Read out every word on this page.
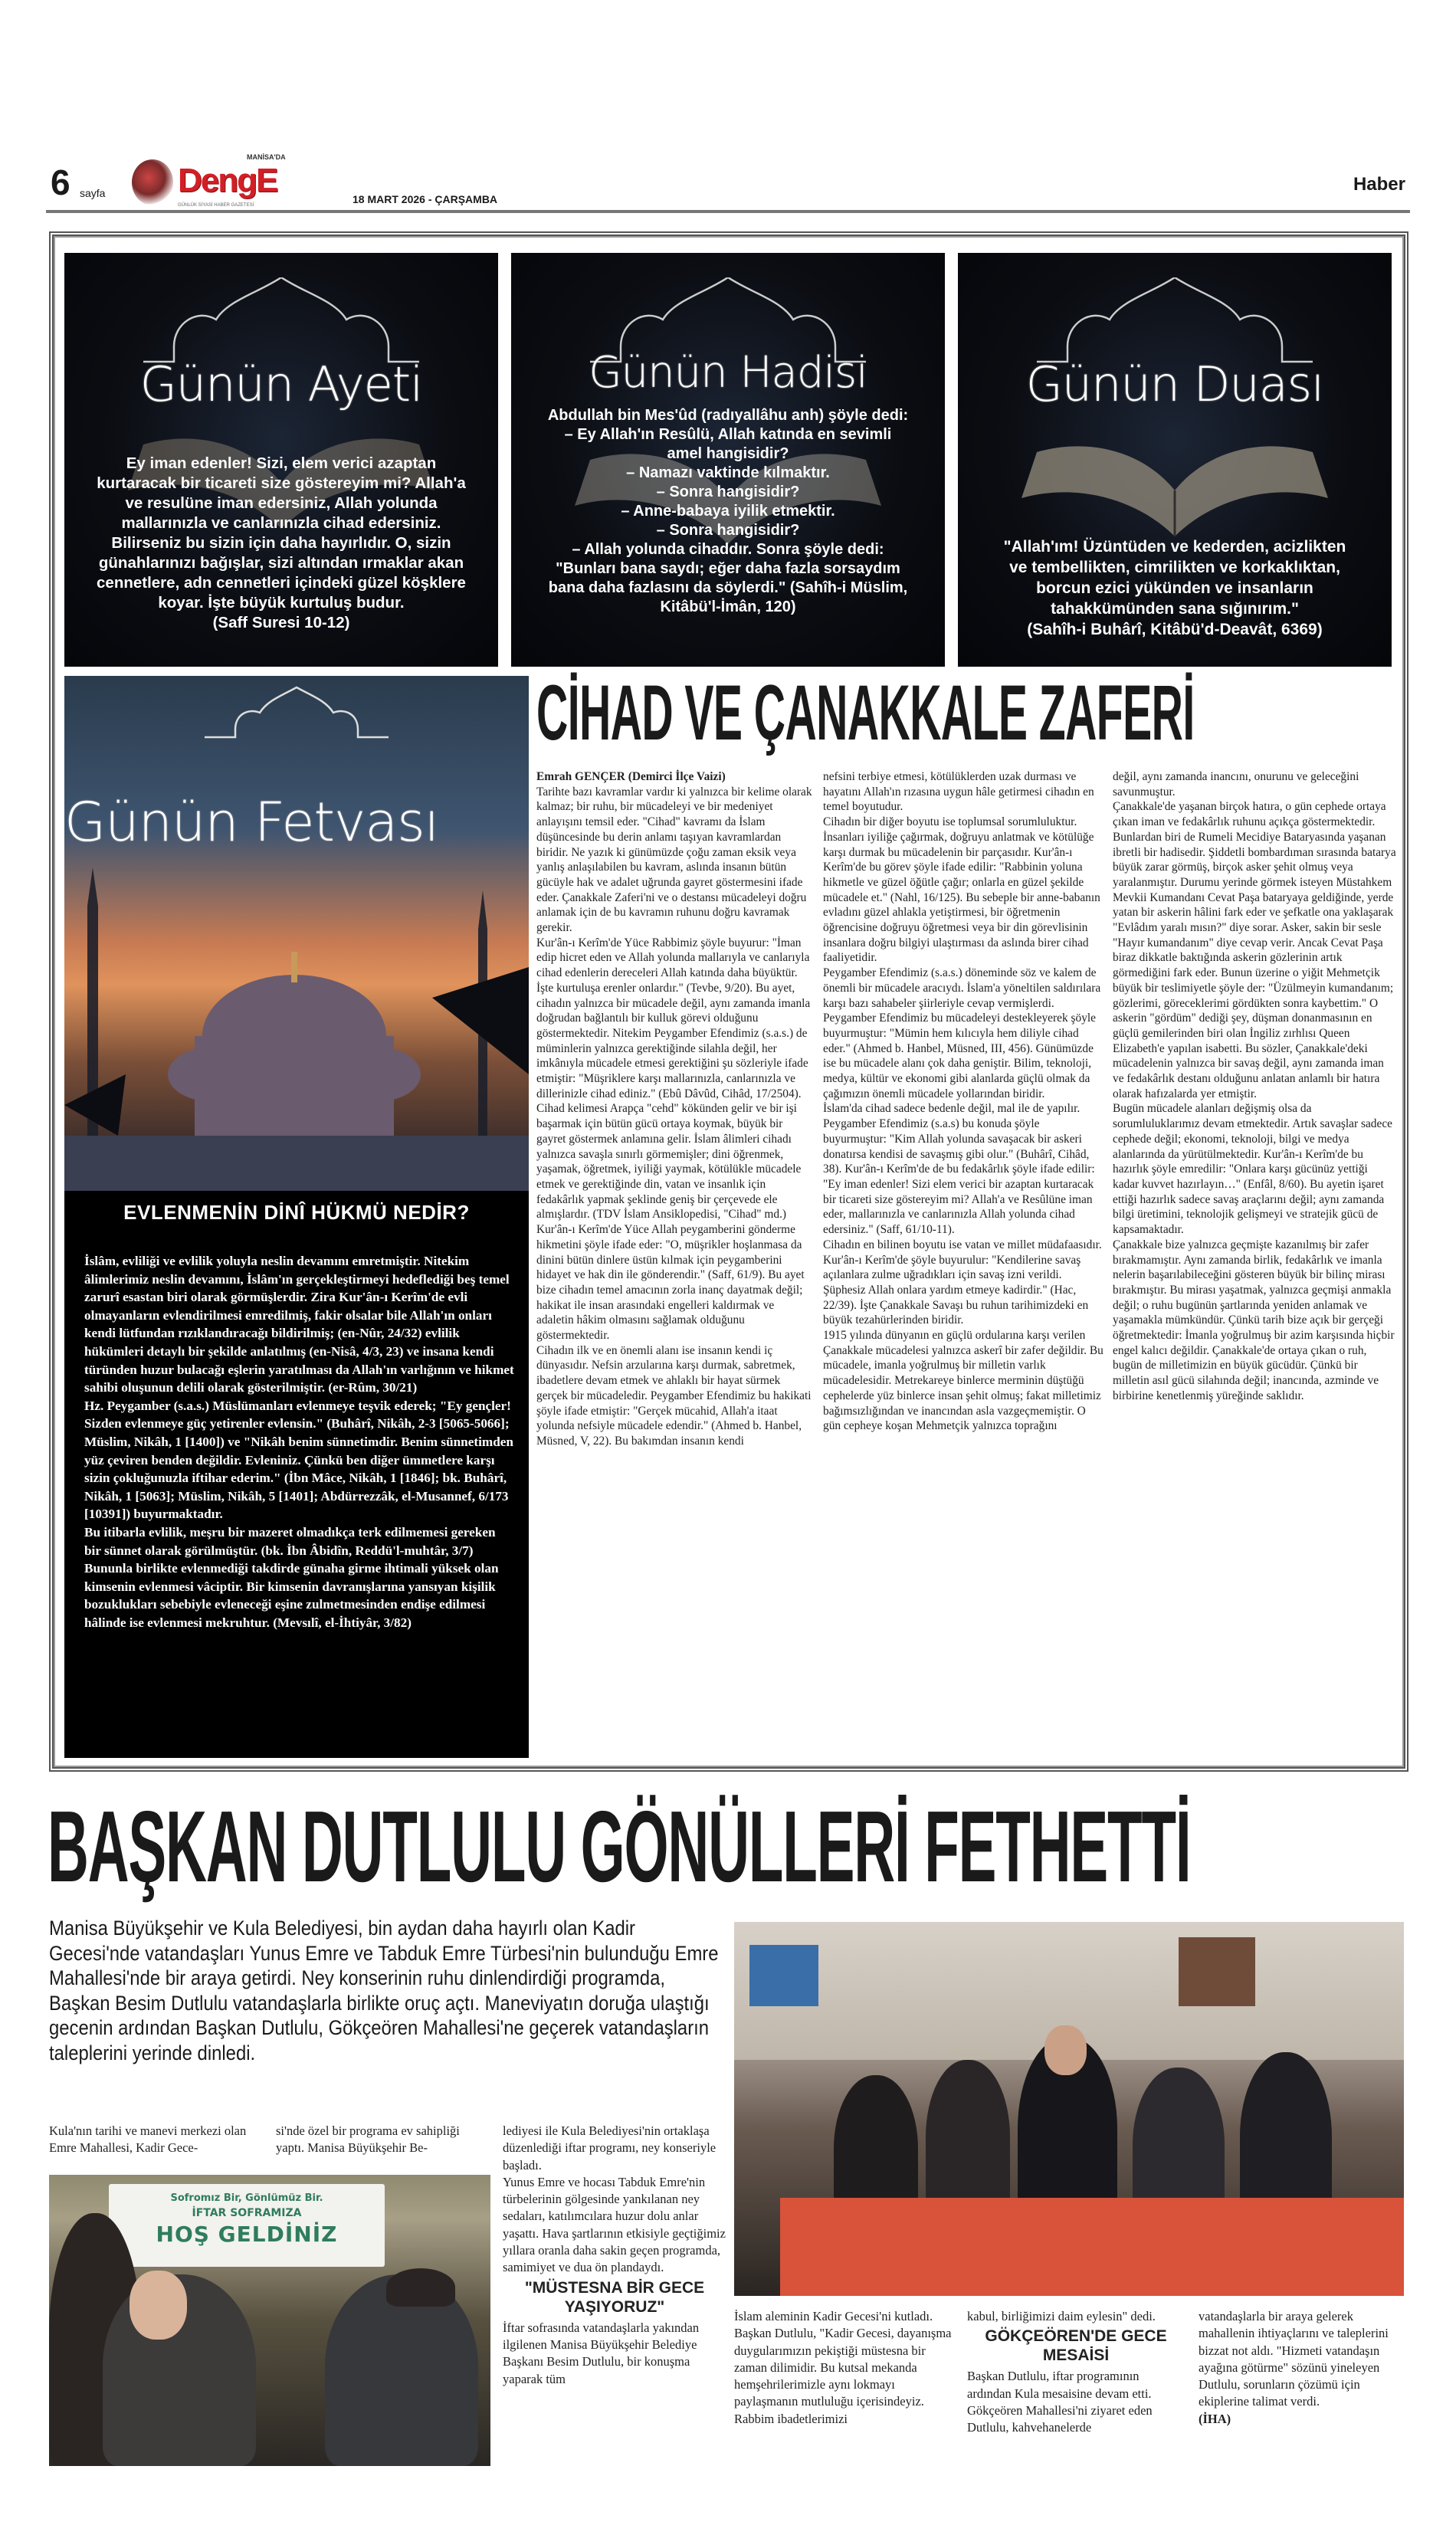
6 sayfa
MANİSA'DA
DengE
GÜNLÜK SİYASİ HABER GAZETESİ	18 MART 2026 - ÇARŞAMBA
Haber
Günün Ayeti
Ey iman edenler! Sizi, elem verici azaptan
kurtaracak bir ticareti size göstereyim mi? Allah'a
ve resulüne iman edersiniz, Allah yolunda
mallarınızla ve canlarınızla cihad edersiniz.
Bilirseniz bu sizin için daha hayırlıdır. O, sizin
günahlarınızı bağışlar, sizi altından ırmaklar akan
cennetlere, adn cennetleri içindeki güzel köşklere
koyar. İşte büyük kurtuluş budur.
(Saff Suresi 10-12)
Günün Hadisi
Abdullah bin Mes'ûd (radıyallâhu anh) şöyle dedi:
– Ey Allah'ın Resûlü, Allah katında en sevimli
amel hangisidir?
– Namazı vaktinde kılmaktır.
– Sonra hangisidir?
– Anne-babaya iyilik etmektir.
– Sonra hangisidir?
– Allah yolunda cihaddır. Sonra şöyle dedi:
"Bunları bana saydı; eğer daha fazla sorsaydım
bana daha fazlasını da söylerdi." (Sahîh-i Müslim,
Kitâbü'l-İmân, 120)
Günün Duası
"Allah'ım! Üzüntüden ve kederden, acizlikten
ve tembellikten, cimrilikten ve korkaklıktan,
borcun ezici yükünden ve insanların
tahakkümünden sana sığınırım."
(Sahîh-i Buhârî, Kitâbü'd-Deavât, 6369)
Günün Fetvası
EVLENMENİN DİNÎ HÜKMÜ NEDİR?

İslâm, evliliği ve evlilik yoluyla neslin devamını emretmiştir. Nitekim âlimlerimiz neslin devamını, İslâm'ın gerçekleştirmeyi hedeflediği beş temel zarurî esastan biri olarak görmüşlerdir. Zira Kur'ân-ı Kerîm'de evli olmayanların evlendirilmesi emredilmiş, fakir olsalar bile Allah'ın onları kendi lütfundan rızıklandıracağı bildirilmiş; (en-Nûr, 24/32) evlilik hükümleri detaylı bir şekilde anlatılmış (en-Nisâ, 4/3, 23) ve insana kendi türünden huzur bulacağı eşlerin yaratılması da Allah'ın varlığının ve hikmet sahibi oluşunun delili olarak gösterilmiştir. (er-Rûm, 30/21)

Hz. Peygamber (s.a.s.) Müslümanları evlenmeye teşvik ederek; "Ey gençler! Sizden evlenmeye güç yetirenler evlensin." (Buhârî, Nikâh, 2-3 [5065-5066]; Müslim, Nikâh, 1 [1400]) ve "Nikâh benim sünnetimdir. Benim sünnetimden yüz çeviren benden değildir. Evleniniz. Çünkü ben diğer ümmetlere karşı sizin çokluğunuzla iftihar ederim." (İbn Mâce, Nikâh, 1 [1846]; bk. Buhârî, Nikâh, 1 [5063]; Müslim, Nikâh, 5 [1401]; Abdürrezzâk, el-Musannef, 6/173 [10391]) buyurmaktadır.

Bu itibarla evlilik, meşru bir mazeret olmadıkça terk edilmemesi gereken bir sünnet olarak görülmüştür. (bk. İbn Âbidîn, Reddü'l-muhtâr, 3/7) Bununla birlikte evlenmediği takdirde günaha girme ihtimali yüksek olan kimsenin evlenmesi vâciptir. Bir kimsenin davranışlarına yansıyan kişilik bozuklukları sebebiyle evleneceği eşine zulmetmesinden endişe edilmesi hâlinde ise evlenmesi mekruhtur. (Mevsılî, el-İhtiyâr, 3/82)

CİHAD VE ÇANAKKALE ZAFERİ

Emrah GENÇER (Demirci İlçe Vaizi)

Tarihte bazı kavramlar vardır ki yalnızca bir kelime olarak kalmaz; bir ruhu, bir mücadeleyi ve bir medeniyet anlayışını temsil eder. "Cihad" kavramı da İslam düşüncesinde bu derin anlamı taşıyan kavramlardan biridir. Ne yazık ki günümüzde çoğu zaman eksik veya yanlış anlaşılabilen bu kavram, aslında insanın bütün gücüyle hak ve adalet uğrunda gayret göstermesini ifade eder. Çanakkale Zaferi'ni ve o destansı mücadeleyi doğru anlamak için de bu kavramın ruhunu doğru kavramak gerekir.

Kur'ân-ı Kerîm'de Yüce Rabbimiz şöyle buyurur: "İman edip hicret eden ve Allah yolunda mallarıyla ve canlarıyla cihad edenlerin dereceleri Allah katında daha büyüktür. İşte kurtuluşa erenler onlardır." (Tevbe, 9/20). Bu ayet, cihadın yalnızca bir mücadele değil, aynı zamanda imanla doğrudan bağlantılı bir kulluk görevi olduğunu göstermektedir. Nitekim Peygamber Efendimiz (s.a.s.) de müminlerin yalnızca gerektiğinde silahla değil, her imkânıyla mücadele etmesi gerektiğini şu sözleriyle ifade etmiştir: "Müşriklere karşı mallarınızla, canlarınızla ve dillerinizle cihad ediniz." (Ebû Dâvûd, Cihâd, 17/2504).

Cihad kelimesi Arapça "cehd" kökünden gelir ve bir işi başarmak için bütün gücü ortaya koymak, büyük bir gayret göstermek anlamına gelir. İslam âlimleri cihadı yalnızca savaşla sınırlı görmemişler; dini öğrenmek, yaşamak, öğretmek, iyiliği yaymak, kötülükle mücadele etmek ve gerektiğinde din, vatan ve insanlık için fedakârlık yapmak şeklinde geniş bir çerçevede ele almışlardır. (TDV İslam Ansiklopedisi, "Cihad" md.) Kur'ân-ı Kerîm'de Yüce Allah peygamberini gönderme hikmetini şöyle ifade eder: "O, müşrikler hoşlanmasa da dinini bütün dinlere üstün kılmak için peygamberini hidayet ve hak din ile gönderendir." (Saff, 61/9). Bu ayet bize cihadın temel amacının zorla inanç dayatmak değil; hakikat ile insan arasındaki engelleri kaldırmak ve adaletin hâkim olmasını sağlamak olduğunu göstermektedir.

Cihadın ilk ve en önemli alanı ise insanın kendi iç dünyasıdır. Nefsin arzularına karşı durmak, sabretmek, ibadetlere devam etmek ve ahlaklı bir hayat sürmek gerçek bir mücadeledir. Peygamber Efendimiz bu hakikati şöyle ifade etmiştir: "Gerçek mücahid, Allah'a itaat yolunda nefsiyle mücadele edendir." (Ahmed b. Hanbel, Müsned, V, 22). Bu bakımdan insanın kendi

nefsini terbiye etmesi, kötülüklerden uzak durması ve hayatını Allah'ın rızasına uygun hâle getirmesi cihadın en temel boyutudur.

Cihadın bir diğer boyutu ise toplumsal sorumluluktur. İnsanları iyiliğe çağırmak, doğruyu anlatmak ve kötülüğe karşı durmak bu mücadelenin bir parçasıdır. Kur'ân-ı Kerîm'de bu görev şöyle ifade edilir: "Rabbinin yoluna hikmetle ve güzel öğütle çağır; onlarla en güzel şekilde mücadele et." (Nahl, 16/125). Bu sebeple bir anne-babanın evladını güzel ahlakla yetiştirmesi, bir öğretmenin öğrencisine doğruyu öğretmesi veya bir din görevlisinin insanlara doğru bilgiyi ulaştırması da aslında birer cihad faaliyetidir.

Peygamber Efendimiz (s.a.s.) döneminde söz ve kalem de önemli bir mücadele aracıydı. İslam'a yöneltilen saldırılara karşı bazı sahabeler şiirleriyle cevap vermişlerdi. Peygamber Efendimiz bu mücadeleyi destekleyerek şöyle buyurmuştur: "Mümin hem kılıcıyla hem diliyle cihad eder." (Ahmed b. Hanbel, Müsned, III, 456). Günümüzde ise bu mücadele alanı çok daha geniştir. Bilim, teknoloji, medya, kültür ve ekonomi gibi alanlarda güçlü olmak da çağımızın önemli mücadele yollarından biridir.

İslam'da cihad sadece bedenle değil, mal ile de yapılır. Peygamber Efendimiz (s.a.s) bu konuda şöyle buyurmuştur: "Kim Allah yolunda savaşacak bir askeri donatırsa kendisi de savaşmış gibi olur." (Buhârî, Cihâd, 38). Kur'ân-ı Kerîm'de de bu fedakârlık şöyle ifade edilir: "Ey iman edenler! Sizi elem verici bir azaptan kurtaracak bir ticareti size göstereyim mi? Allah'a ve Resûlüne iman eder, mallarınızla ve canlarınızla Allah yolunda cihad edersiniz." (Saff, 61/10-11).

Cihadın en bilinen boyutu ise vatan ve millet müdafaasıdır. Kur'ân-ı Kerîm'de şöyle buyurulur: "Kendilerine savaş açılanlara zulme uğradıkları için savaş izni verildi. Şüphesiz Allah onlara yardım etmeye kadirdir." (Hac, 22/39). İşte Çanakkale Savaşı bu ruhun tarihimizdeki en büyük tezahürlerinden biridir.

1915 yılında dünyanın en güçlü ordularına karşı verilen Çanakkale mücadelesi yalnızca askerî bir zafer değildir. Bu mücadele, imanla yoğrulmuş bir milletin varlık mücadelesidir. Metrekareye binlerce merminin düştüğü cephelerde yüz binlerce insan şehit olmuş; fakat milletimiz bağımsızlığından ve inancından asla vazgeçmemiştir. O gün cepheye koşan Mehmetçik yalnızca toprağını

değil, aynı zamanda inancını, onurunu ve geleceğini savunmuştur.

Çanakkale'de yaşanan birçok hatıra, o gün cephede ortaya çıkan iman ve fedakârlık ruhunu açıkça göstermektedir. Bunlardan biri de Rumeli Mecidiye Bataryasında yaşanan ibretli bir hadisedir. Şiddetli bombardıman sırasında batarya büyük zarar görmüş, birçok asker şehit olmuş veya yaralanmıştır. Durumu yerinde görmek isteyen Müstahkem Mevkii Kumandanı Cevat Paşa bataryaya geldiğinde, yerde yatan bir askerin hâlini fark eder ve şefkatle ona yaklaşarak "Evlâdım yaralı mısın?" diye sorar. Asker, sakin bir sesle "Hayır kumandanım" diye cevap verir. Ancak Cevat Paşa biraz dikkatle baktığında askerin gözlerinin artık görmediğini fark eder. Bunun üzerine o yiğit Mehmetçik büyük bir teslimiyetle şöyle der: "Üzülmeyin kumandanım; gözlerimi, göreceklerimi gördükten sonra kaybettim." O askerin "gördüm" dediği şey, düşman donanmasının en güçlü gemilerinden biri olan İngiliz zırhlısı Queen Elizabeth'e yapılan isabetti. Bu sözler, Çanakkale'deki mücadelenin yalnızca bir savaş değil, aynı zamanda iman ve fedakârlık destanı olduğunu anlatan anlamlı bir hatıra olarak hafızalarda yer etmiştir.

Bugün mücadele alanları değişmiş olsa da sorumluluklarımız devam etmektedir. Artık savaşlar sadece cephede değil; ekonomi, teknoloji, bilgi ve medya alanlarında da yürütülmektedir. Kur'ân-ı Kerîm'de bu hazırlık şöyle emredilir: "Onlara karşı gücünüz yettiği kadar kuvvet hazırlayın…" (Enfâl, 8/60). Bu ayetin işaret ettiği hazırlık sadece savaş araçlarını değil; aynı zamanda bilgi üretimini, teknolojik gelişmeyi ve stratejik gücü de kapsamaktadır.

Çanakkale bize yalnızca geçmişte kazanılmış bir zafer bırakmamıştır. Aynı zamanda birlik, fedakârlık ve imanla nelerin başarılabileceğini gösteren büyük bir bilinç mirası bırakmıştır. Bu mirası yaşatmak, yalnızca geçmişi anmakla değil; o ruhu bugünün şartlarında yeniden anlamak ve yaşamakla mümkündür. Çünkü tarih bize açık bir gerçeği öğretmektedir: İmanla yoğrulmuş bir azim karşısında hiçbir engel kalıcı değildir. Çanakkale'de ortaya çıkan o ruh, bugün de milletimizin en büyük gücüdür. Çünkü bir milletin asıl gücü silahında değil; inancında, azminde ve birbirine kenetlenmiş yüreğinde saklıdır.

BAŞKAN DUTLULU GÖNÜLLERİ FETHETTİ
Manisa Büyükşehir ve Kula Belediyesi, bin aydan daha hayırlı olan Kadir Gecesi'nde vatandaşları Yunus Emre ve Tabduk Emre Türbesi'nin bulunduğu Emre Mahallesi'nde bir araya getirdi. Ney konserinin ruhu dinlendirdiği programda, Başkan Besim Dutlulu vatandaşlarla birlikte oruç açtı. Maneviyatın doruğa ulaştığı gecenin ardından Başkan Dutlulu, Gökçeören Mahallesi'ne geçerek vatandaşların taleplerini yerinde dinledi.
Kula'nın tarihi ve manevi merkezi olan Emre Mahallesi, Kadir Gece-
si'nde özel bir programa ev sahipliği yaptı. Manisa Büyükşehir Be-
Sofromız Bir, Gönlümüz Bir.
İFTAR SOFRAMIZA
HOŞ GELDİNİZ

lediyesi ile Kula Belediyesi'nin ortaklaşa düzenlediği iftar programı, ney konseriyle başladı.

Yunus Emre ve hocası Tabduk Emre'nin türbelerinin gölgesinde yankılanan ney sedaları, katılımcılara huzur dolu anlar yaşattı. Hava şartlarının etkisiyle geçtiğimiz yıllara oranla daha sakin geçen programda, samimiyet ve dua ön plandaydı.

"MÜSTESNA BİR GECE YAŞIYORUZ"

İftar sofrasında vatandaşlarla yakından ilgilenen Manisa Büyükşehir Belediye Başkanı Besim Dutlulu, bir konuşma yaparak tüm

İslam aleminin Kadir Gecesi'ni kutladı. Başkan Dutlulu, "Kadir Gecesi, dayanışma duygularımızın pekiştiği müstesna bir zaman dilimidir. Bu kutsal mekanda hemşehrilerimizle aynı lokmayı paylaşmanın mutluluğu içerisindeyiz. Rabbim ibadetlerimizi

kabul, birliğimizi daim eylesin" dedi.

GÖKÇEÖREN'DE GECE MESAİSİ

Başkan Dutlulu, iftar programının ardından Kula mesaisine devam etti. Gökçeören Mahallesi'ni ziyaret eden Dutlulu, kahvehanelerde

vatandaşlarla bir araya gelerek mahallenin ihtiyaçlarını ve taleplerini bizzat not aldı. "Hizmeti vatandaşın ayağına götürme" sözünü yineleyen Dutlulu, sorunların çözümü için ekiplerine talimat verdi.

(İHA)
